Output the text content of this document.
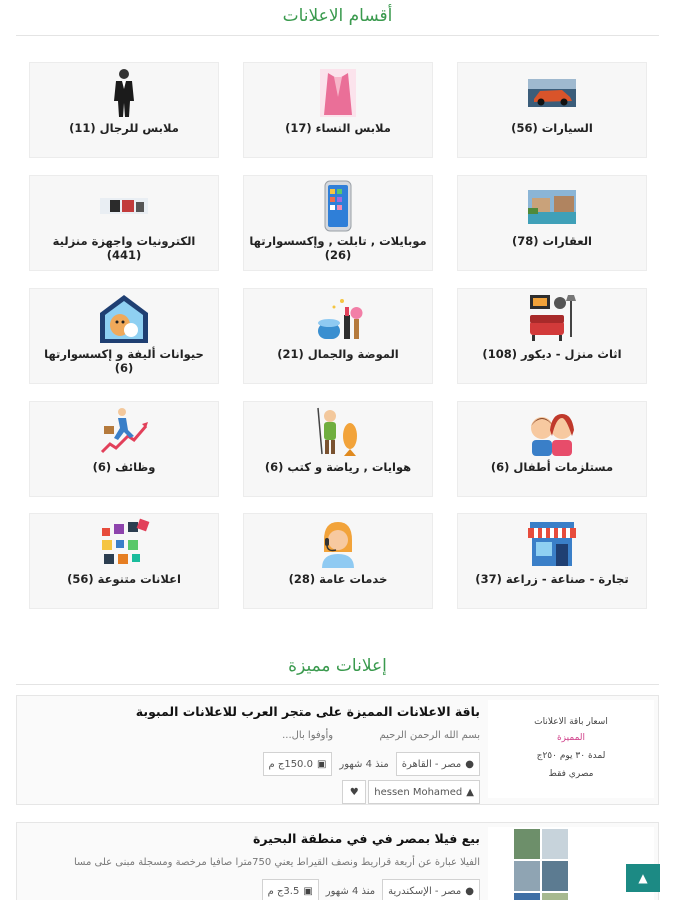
أقسام الاعلانات
السيارات (56)
ملابس النساء (17)
ملابس للرجال (11)
العقارات (78)
موبايلات , تابلت , وإكسسوارتها (26)
الكترونيات واجهزة منزلية (441)
اثاث منزل - ديكور (108)
الموضة والجمال (21)
حيوانات أليفة و إكسسوارتها (6)
مستلزمات أطفال (6)
هوايات , رياضة و كتب (6)
وظائف (6)
تجارة - صناعة - زراعة (37)
خدمات عامة (28)
اعلانات متنوعة (56)
إعلانات مميزة
اسعار باقة الاعلانات
المميزة
لمدة ٣٠ يوم ٢٥٠ج
مصري فقط
باقة الاعلانات المميزة على متجر العرب للاعلانات المبوبة
بسم الله الرحمن الرحيم  وأوفوا بال...
●
مصر - القاهرة
منذ 4 شهور
▣
150.0ج م
▲
hessen Mohamed
♥
بيع فيلا بمصر في في منطقة البحيرة
الفيلا عبارة عن أربعة قراريط ونصف القيراط يعني 750مترا صافيا مرخصة ومسجلة مبنى على مسا
●
مصر - الإسكندرية
منذ 4 شهور
▣
3.5ج م
▲
